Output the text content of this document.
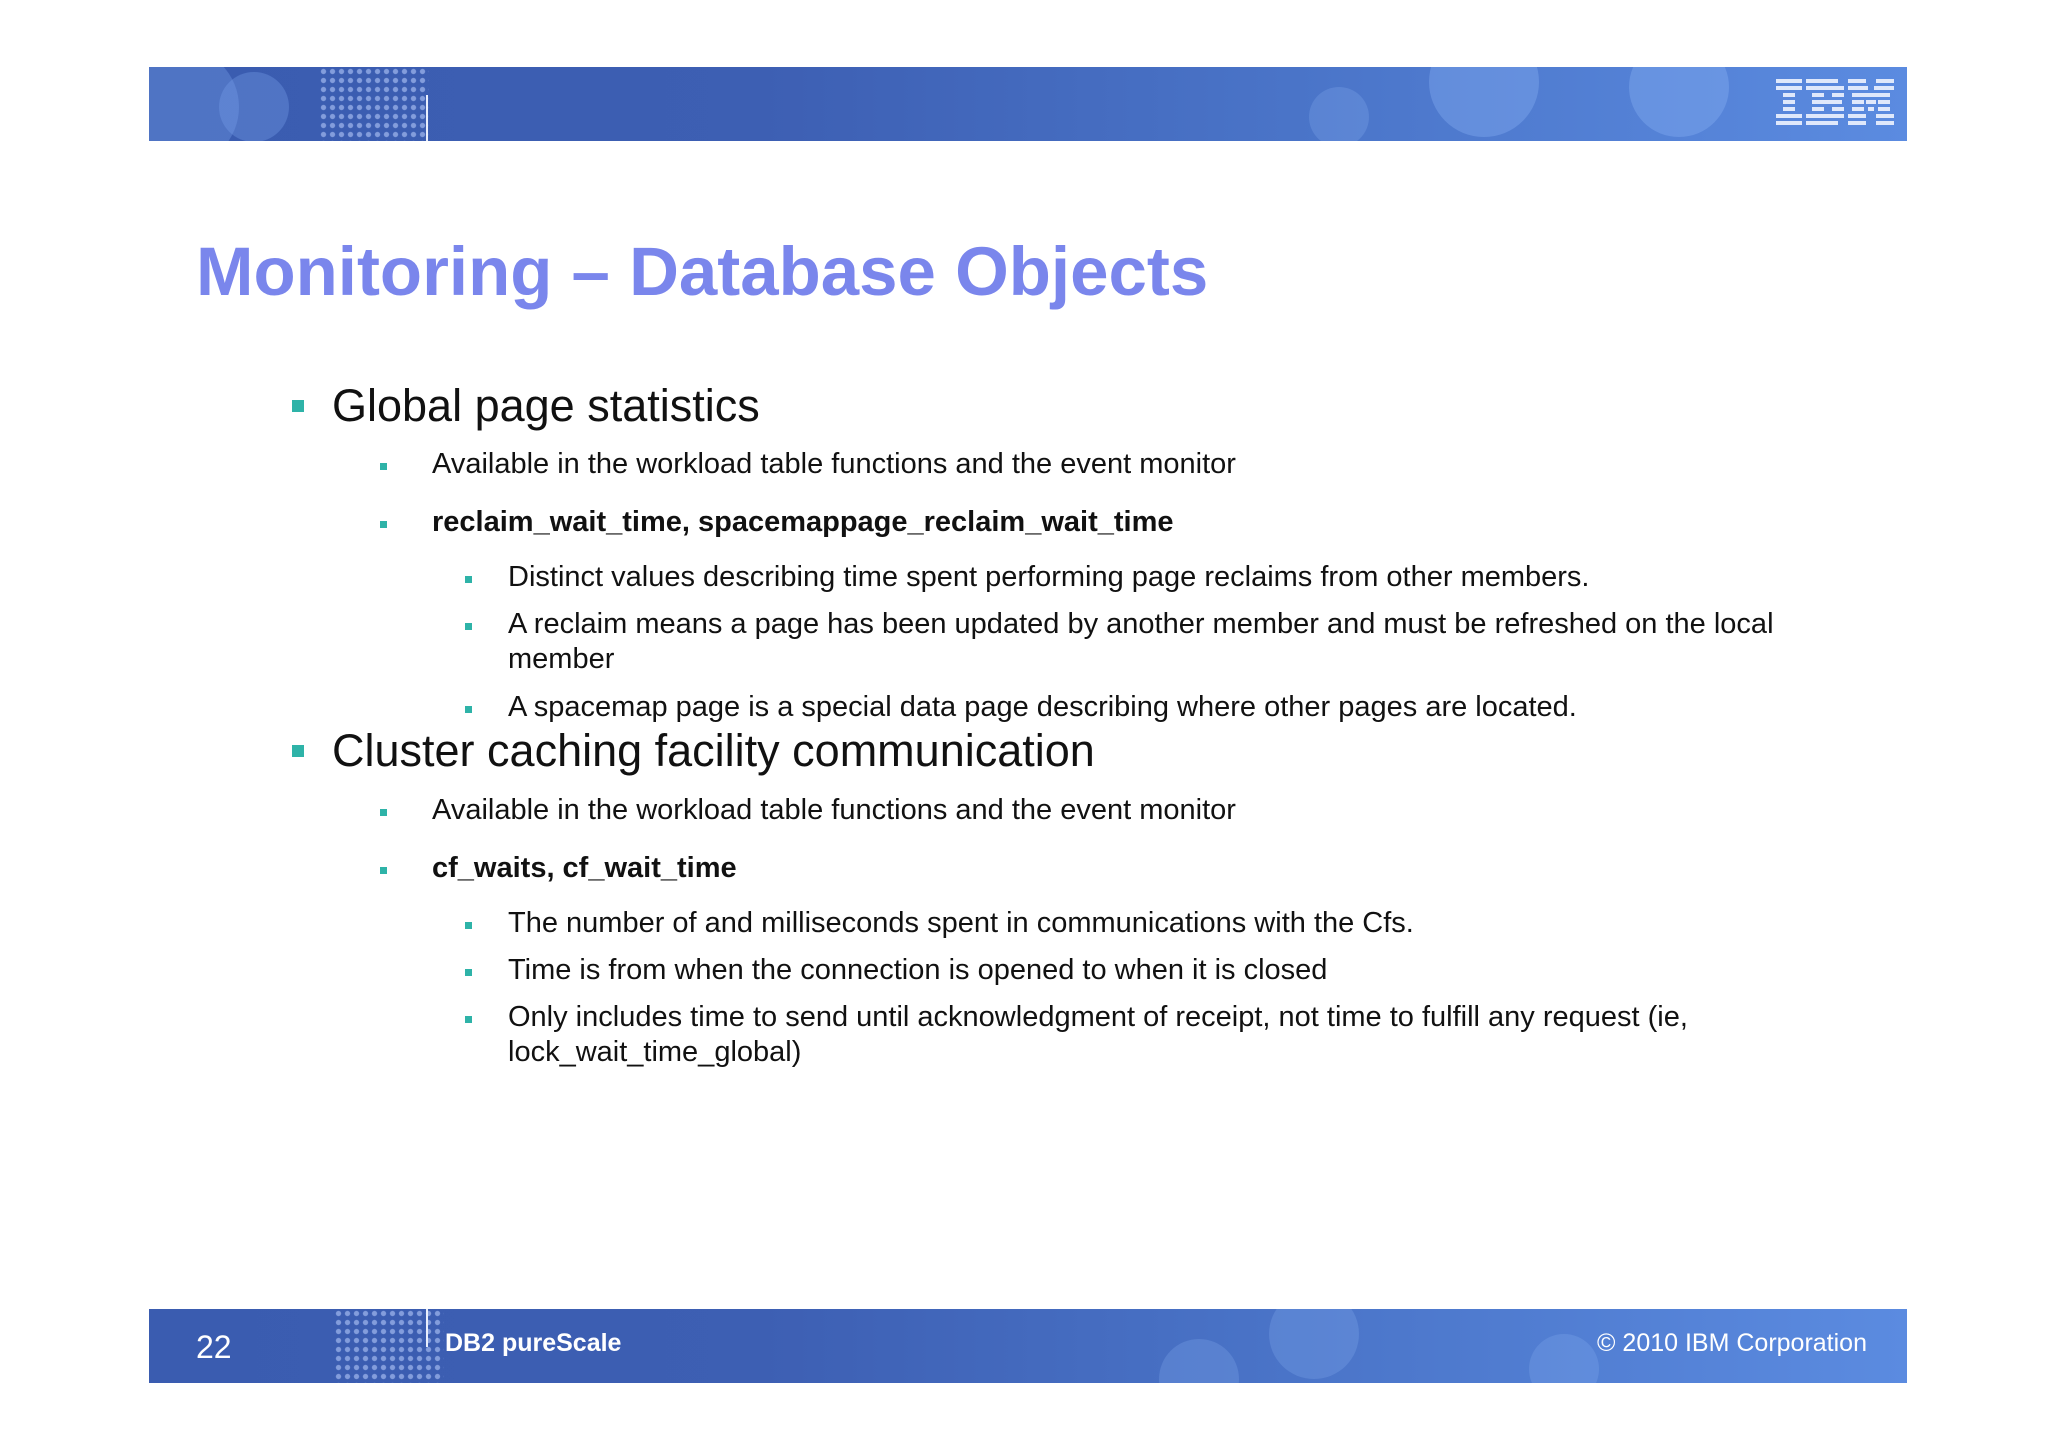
Monitoring – Database Objects
Global page statistics
Available in the workload table functions and the event monitor
reclaim_wait_time, spacemappage_reclaim_wait_time
Distinct values describing time spent performing page reclaims from other members.
A reclaim means a page has been updated by another member and must be refreshed on the local
member
A spacemap page is a special data page describing where other pages are located.
Cluster caching facility communication
Available in the workload table functions and the event monitor
cf_waits, cf_wait_time
The number of and milliseconds spent in communications with the Cfs.
Time is from when the connection is opened to when it is closed
Only includes time to send until acknowledgment of receipt, not time to fulfill any request (ie,
lock_wait_time_global)
22	DB2 pureScale	© 2010 IBM Corporation
